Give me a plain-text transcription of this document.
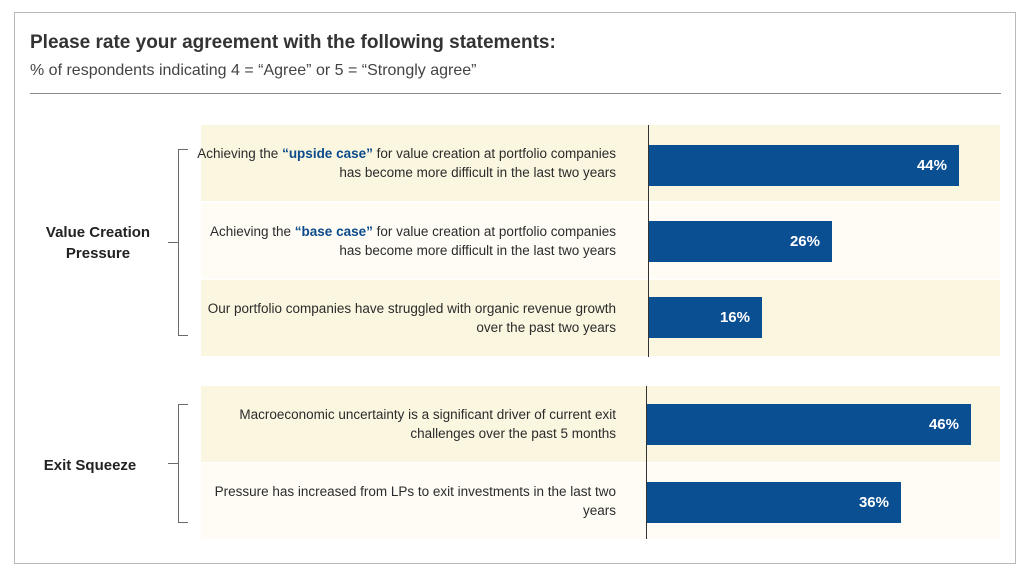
Please rate your agreement with the following statements:

% of respondents indicating 4 = “Agree” or 5 = “Strongly agree”

Value Creation
Pressure
Exit Squeeze
Achieving the “upside case” for value creation at portfolio companies has become more difficult in the last two years
Achieving the “base case” for value creation at portfolio companies has become more difficult in the last two years
Our portfolio companies have struggled with organic revenue growth over the past two years
Macroeconomic uncertainty is a significant driver of current exit challenges over the past 5 months
Pressure has increased from LPs to exit investments in the last two years
44%
26%
16%
46%
36%
